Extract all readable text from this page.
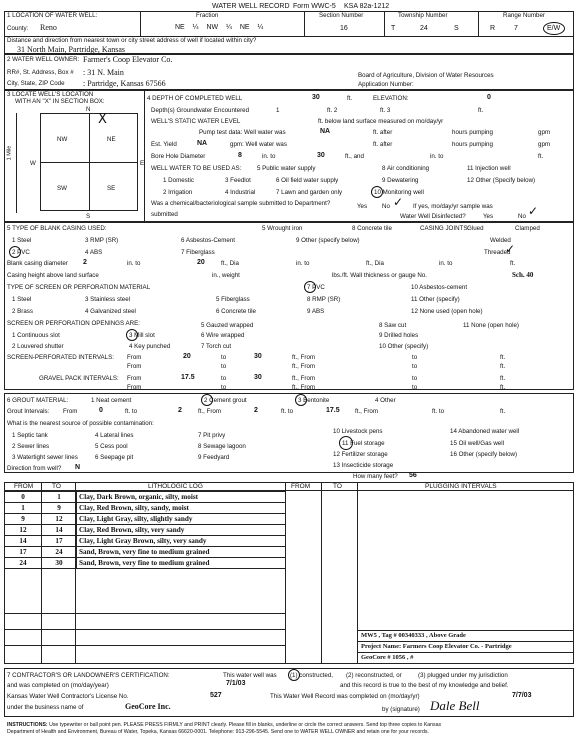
WATER WELL RECORD Form WWC-5 KSA 82a-1212
1 LOCATION OF WATER WELL:
County: Reno
Fraction
NE ¼ NW ¼ NE ¼
Section Number
16
Township Number
T	24	S
Range Number
R	7	E/W
Distance and direction from nearest town or city street address of well if located within city?
31 North Main, Partridge, Kansas
2 WATER WELL OWNER: Farmer's Coop Elevator Co.
RR#, St. Address, Box # : 31 N. Main
City, State, ZIP Code : Partridge, Kansas 67566
Board of Agriculture, Division of Water Resources
Application Number:
3 LOCATE WELL'S LOCATION
WITH AN "X" IN SECTION BOX:
N
S
W	E
1 Mile
NW	NE
SW	SE
X
4 DEPTH OF COMPLETED WELL	30	ft.	ELEVATION:	0
Depth(s) Groundwater Encountered	1	ft. 2	ft. 3	ft.
WELL'S STATIC WATER LEVEL	ft. below land surface measured on mo/day/yr
Pump test data: Well water was	NA	ft. after	hours pumping	gpm
Est. Yield	NA	gpm: Well water was	ft. after	hours pumping	gpm
Bore Hole Diameter	8	in. to	30	ft., and	in. to	ft.
WELL WATER TO BE USED AS:	5 Public water supply	8 Air conditioning	11 Injection well
1 Domestic	3 Feedlot	6 Oil field water supply	9 Dewatering	12 Other (Specify below)
2 Irrigation	4 Industrial	7 Lawn and garden only	10 Monitoring well
Was a chemical/bacteriological sample submitted to Department?	Yes No ✓ If yes, mo/day/yr sample was
submitted	Water Well Disinfected?	Yes	No ✓
5 TYPE OF BLANK CASING USED:	5 Wrought iron	8 Concrete tile	CASING JOINTS:
Glued	Clamped
1 Steel	3 RMP (SR)	6 Asbestos-Cement	9 Other (specify below)	Welded
2 PVC	4 ABS	7 Fiberglass	Threaded
✓
Blank casing diameter 2	in. to	20	ft., Dia	in. to	ft., Dia	in. to	ft.
Casing height above land surface	in., weight	lbs./ft. Wall thickness or gauge No.	Sch. 40
TYPE OF SCREEN OR PERFORATION MATERIAL	7 PVC	10 Asbestos-cement
1 Steel	3 Stainless steel	5 Fiberglass	8 RMP (SR)	11 Other (specify)
2 Brass	4 Galvanized steel	6 Concrete tile	9 ABS	12 None used (open hole)
SCREEN OR PERFORATION OPENINGS ARE:	5 Gauzed wrapped	8 Saw cut	11 None (open hole)
1 Continuous slot	3 Mill slot	6 Wire wrapped	9 Drilled holes
2 Louvered shutter	4 Key punched	7 Torch cut	10 Other (specify)
SCREEN-PERFORATED INTERVALS: From	20	to	30	ft., From	to	ft.
From	to	ft., From	to	ft.
GRAVEL PACK INTERVALS: From	17.5	to	30	ft., From	to	ft.
From	to	ft., From	to	ft.
6 GROUT MATERIAL:	1 Neat cement	2 Cement grout	3 Bentonite	4 Other
Grout Intervals: From	0	ft. to	2	ft., From	2	ft. to	17.5 ft., From	ft. to	ft.
What is the nearest source of possible contamination:
1 Septic tank	4 Lateral lines	7 Pit privy
10 Livestock pens	14 Abandoned water well
2 Sewer lines	5 Cess pool	8 Sewage lagoon	11 Fuel storage	15 Oil well/Gas well
3 Watertight sewer lines	6 Seepage pit	9 Feedyard	12 Fertilizer storage	16 Other (specify below)
13 Insecticide storage
Direction from well? N
How many feet? 56
FROM	TO	LITHOLOGIC LOG	FROM	TO	PLUGGING INTERVALS
0	1	Clay, Dark Brown, organic, silty, moist
1	9	Clay, Red Brown, silty, sandy, moist
9	12	Clay, Light Gray, silty, slightly sandy
12	14	Clay, Red Brown, silty, very sandy
14	17	Clay, Light Gray Brown, silty, very sandy
17	24	Sand, Brown, very fine to medium grained
24	30	Sand, Brown, very fine to medium grained
MW5 , Tag # 00340333 , Above Grade
Project Name: Farmers Coop Elevator Co. - Partridge
GeoCore # 1056 , #
7 CONTRACTOR'S OR LANDOWNER'S CERTIFICATION:	This water well was (1) constructed, (2) reconstructed, or	(3) plugged under my jurisdiction
and was completed on (mo/day/year)	7/1/03	and this record is true to the best of my knowledge and belief.
Kansas Water Well Contractor's License No.	527	This Water Well Record was completed on (mo/day/yr)	7/7/03
under the business name of	GeoCore Inc.	by (signature) Dale Bell
INSTRUCTIONS: Use typewriter or ball point pen. PLEASE PRESS FIRMLY and PRINT clearly. Please fill in blanks, underline or circle the correct answers. Send top three copies to Kansas
Department of Health and Environment, Bureau of Water, Topeka, Kansas 66620-0001. Telephone: 913-296-5545. Send one to WATER WELL OWNER and retain one for your records.
